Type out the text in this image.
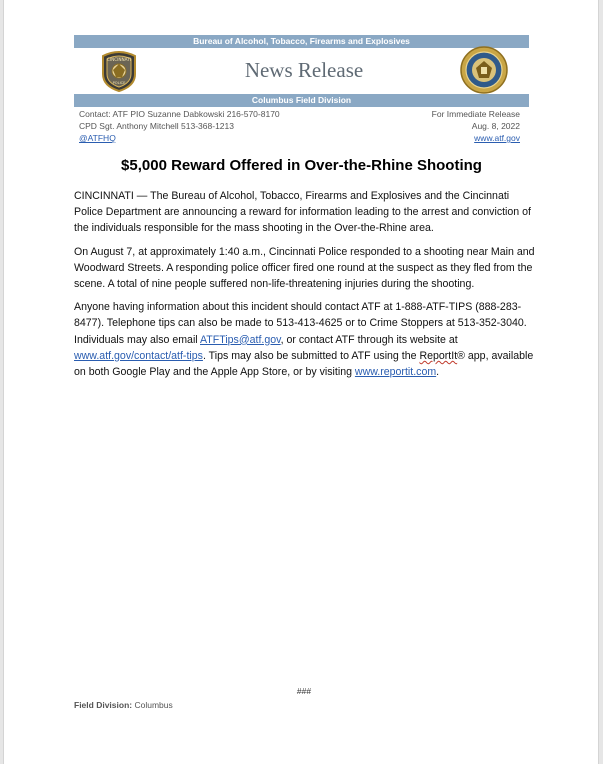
Bureau of Alcohol, Tobacco, Firearms and Explosives
CINCINNATI
POLICE
News Release
Columbus Field Division
Contact: ATF PIO Suzanne Dabkowski 216-570-8170
CPD Sgt. Anthony Mitchell 513-368-1213
@ATFHQ
For Immediate Release
Aug. 8, 2022
www.atf.gov
$5,000 Reward Offered in Over-the-Rhine Shooting

CINCINNATI — The Bureau of Alcohol, Tobacco, Firearms and Explosives and the Cincinnati Police Department are announcing a reward for information leading to the arrest and conviction of the individuals responsible for the mass shooting in the Over-the-Rhine area.

On August 7, at approximately 1:40 a.m., Cincinnati Police responded to a shooting near Main and Woodward Streets. A responding police officer fired one round at the suspect as they fled from the scene. A total of nine people suffered non-life-threatening injuries during the shooting.

Anyone having information about this incident should contact ATF at 1-888-ATF-TIPS (888-283-8477). Telephone tips can also be made to 513-413-4625 or to Crime Stoppers at 513-352-3040. Individuals may also email ATFTips@atf.gov, or contact ATF through its website at www.atf.gov/contact/atf-tips. Tips may also be submitted to ATF using the ReportIt® app, available on both Google Play and the Apple App Store, or by visiting www.reportit.com.

###
Field Division: Columbus
